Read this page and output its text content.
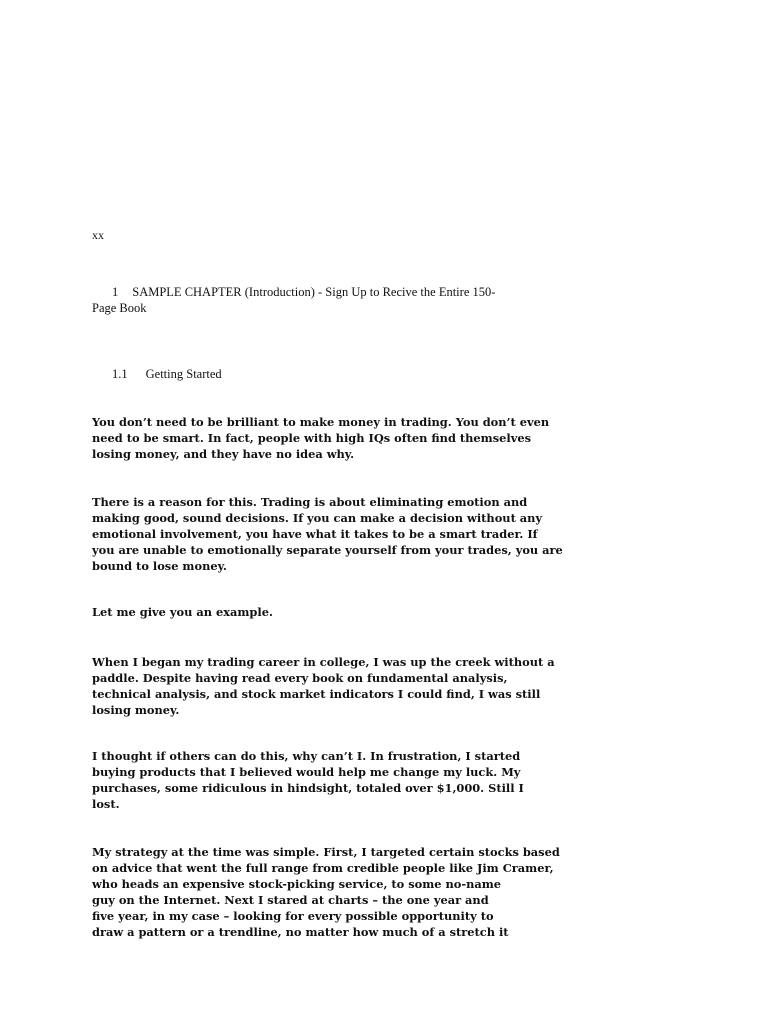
xx
1 SAMPLE CHAPTER (Introduction) - Sign Up to Recive the Entire 150-
Page Book
1.1 Getting Started
You don’t need to be brilliant to make money in trading. You don’t even
need to be smart. In fact, people with high IQs often find themselves
losing money, and they have no idea why.
There is a reason for this. Trading is about eliminating emotion and
making good, sound decisions. If you can make a decision without any
emotional involvement, you have what it takes to be a smart trader. If
you are unable to emotionally separate yourself from your trades, you are
bound to lose money.
Let me give you an example.
When I began my trading career in college, I was up the creek without a
paddle. Despite having read every book on fundamental analysis,
technical analysis, and stock market indicators I could find, I was still
losing money.
I thought if others can do this, why can’t I. In frustration, I started
buying products that I believed would help me change my luck. My
purchases, some ridiculous in hindsight, totaled over $1,000. Still I
lost.
My strategy at the time was simple. First, I targeted certain stocks based
on advice that went the full range from credible people like Jim Cramer,
who heads an expensive stock-picking service, to some no-name
guy on the Internet. Next I stared at charts – the one year and
five year, in my case – looking for every possible opportunity to
draw a pattern or a trendline, no matter how much of a stretch it
